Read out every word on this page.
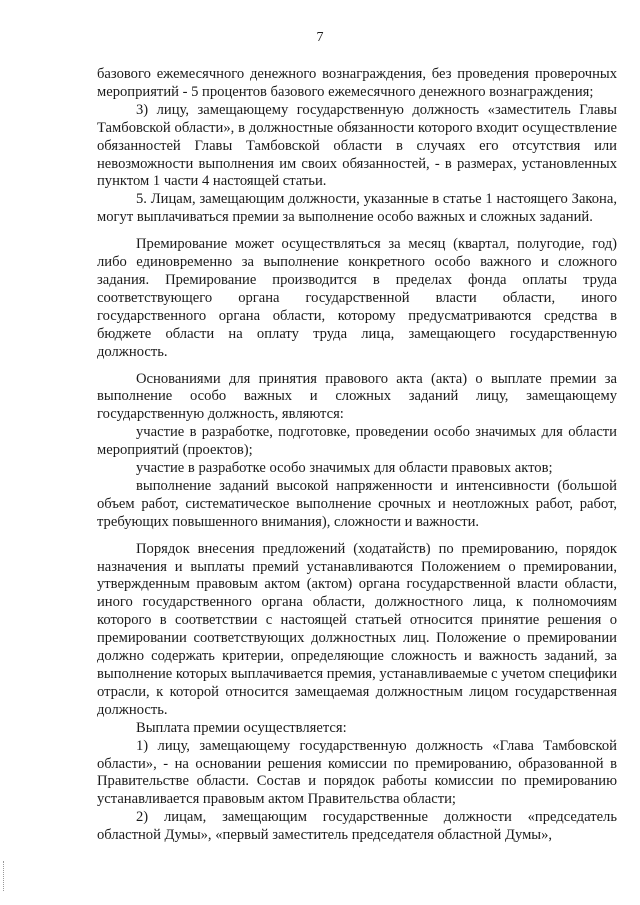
7

базового ежемесячного денежного вознаграждения, без проведения проверочных мероприятий - 5 процентов базового ежемесячного денежного вознаграждения;

3) лицу, замещающему государственную должность «заместитель Главы Тамбовской области», в должностные обязанности которого входит осуществление обязанностей Главы Тамбовской области в случаях его отсутствия или невозможности выполнения им своих обязанностей, - в размерах, установленных пунктом 1 части 4 настоящей статьи.

5. Лицам, замещающим должности, указанные в статье 1 настоящего Закона, могут выплачиваться премии за выполнение особо важных и сложных заданий.

Премирование может осуществляться за месяц (квартал, полугодие, год) либо единовременно за выполнение конкретного особо важного и сложного задания. Премирование производится в пределах фонда оплаты труда соответствующего органа государственной власти области, иного государственного органа области, которому предусматриваются средства в бюджете области на оплату труда лица, замещающего государственную должность.

Основаниями для принятия правового акта (акта) о выплате премии за выполнение особо важных и сложных заданий лицу, замещающему государственную должность, являются:

участие в разработке, подготовке, проведении особо значимых для области мероприятий (проектов);

участие в разработке особо значимых для области правовых актов;

выполнение заданий высокой напряженности и интенсивности (большой объем работ, систематическое выполнение срочных и неотложных работ, работ, требующих повышенного внимания), сложности и важности.

Порядок внесения предложений (ходатайств) по премированию, порядок назначения и выплаты премий устанавливаются Положением о премировании, утвержденным правовым актом (актом) органа государственной власти области, иного государственного органа области, должностного лица, к полномочиям которого в соответствии с настоящей статьей относится принятие решения о премировании соответствующих должностных лиц. Положение о премировании должно содержать критерии, определяющие сложность и важность заданий, за выполнение которых выплачивается премия, устанавливаемые с учетом специфики отрасли, к которой относится замещаемая должностным лицом государственная должность.

Выплата премии осуществляется:

1) лицу, замещающему государственную должность «Глава Тамбовской области», - на основании решения комиссии по премированию, образованной в Правительстве области. Состав и порядок работы комиссии по премированию устанавливается правовым актом Правительства области;

2) лицам, замещающим государственные должности «председатель областной Думы», «первый заместитель председателя областной Думы»,
